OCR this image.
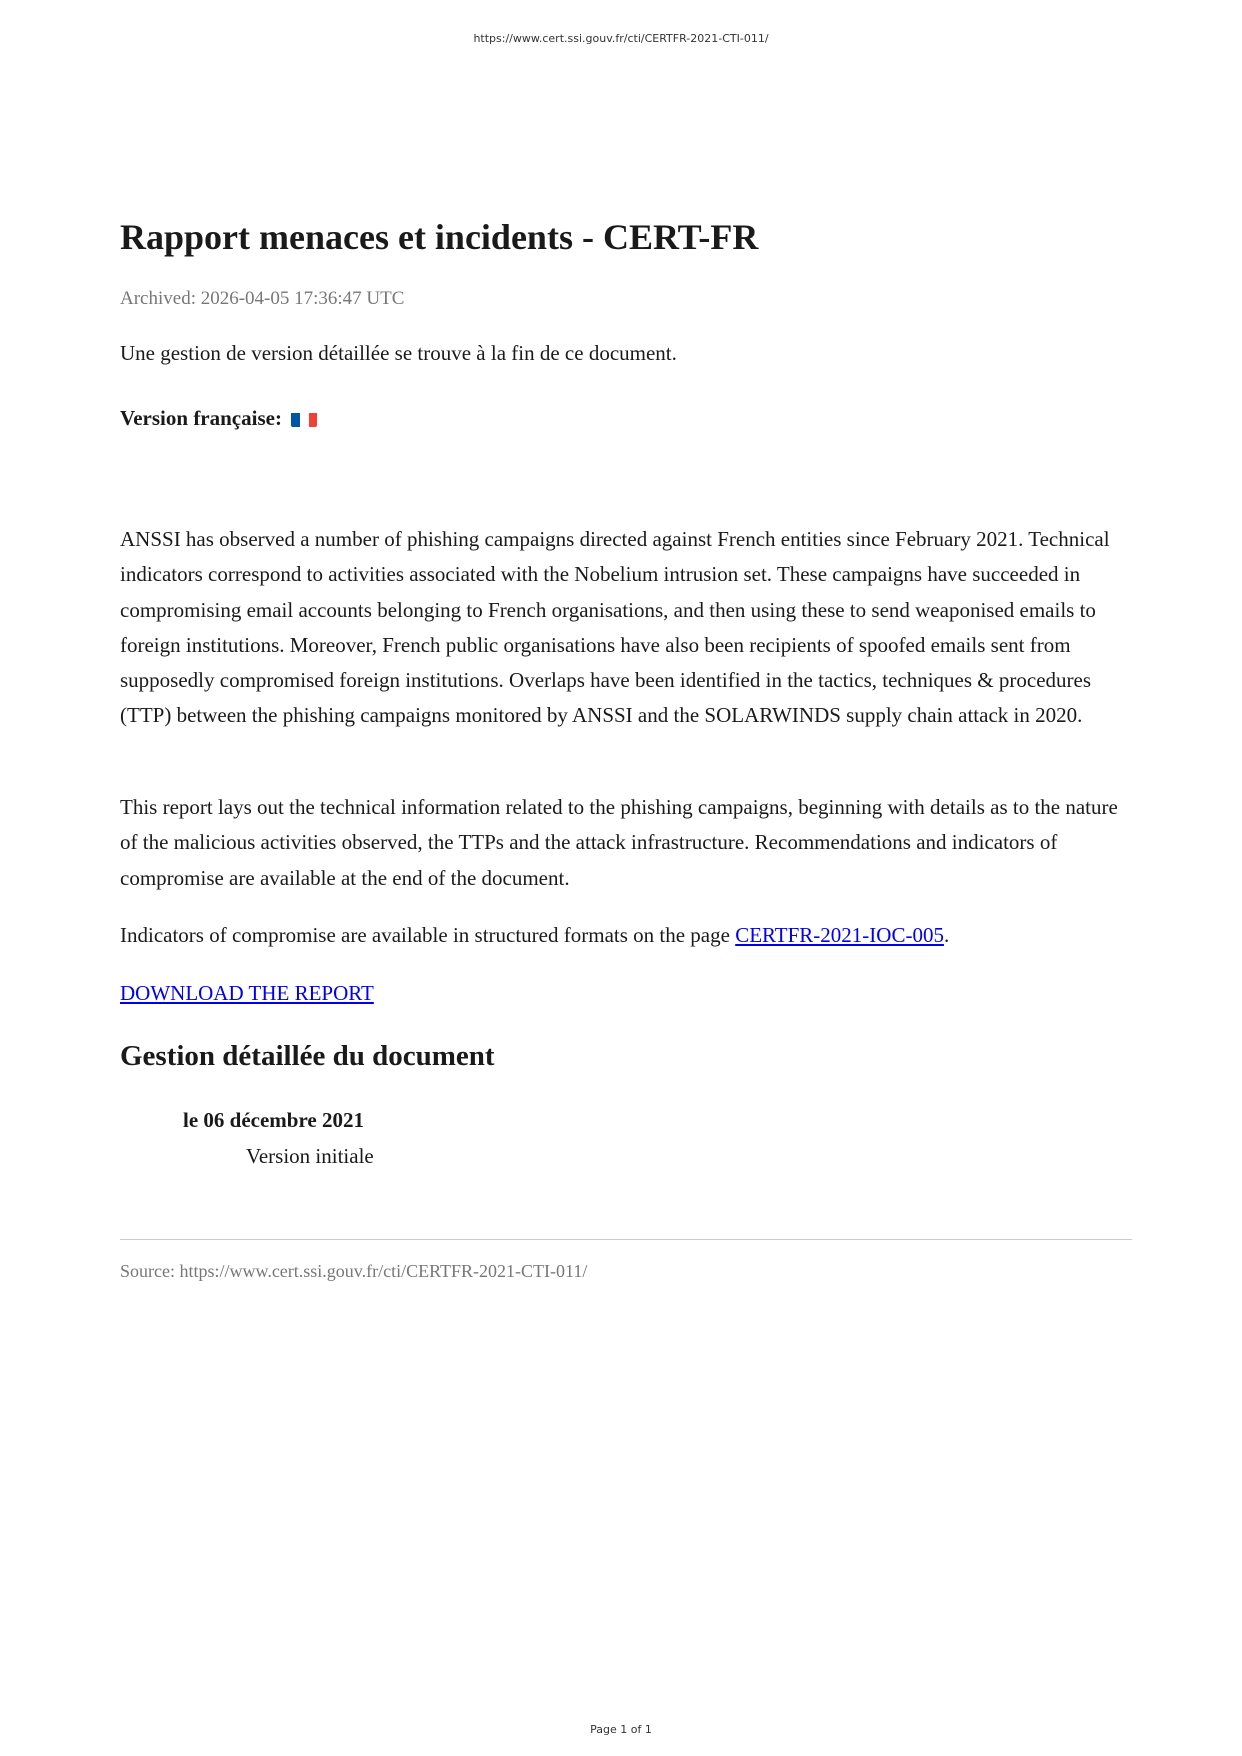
https://www.cert.ssi.gouv.fr/cti/CERTFR-2021-CTI-011/
Rapport menaces et incidents - CERT-FR
Archived: 2026-04-05 17:36:47 UTC
Une gestion de version détaillée se trouve à la fin de ce document.
Version française:
ANSSI has observed a number of phishing campaigns directed against French entities since February 2021. Technical indicators correspond to activities associated with the Nobelium intrusion set. These campaigns have succeeded in compromising email accounts belonging to French organisations, and then using these to send weaponised emails to foreign institutions. Moreover, French public organisations have also been recipients of spoofed emails sent from supposedly compromised foreign institutions. Overlaps have been identified in the tactics, techniques & procedures (TTP) between the phishing campaigns monitored by ANSSI and the SOLARWINDS supply chain attack in 2020.
This report lays out the technical information related to the phishing campaigns, beginning with details as to the nature of the malicious activities observed, the TTPs and the attack infrastructure. Recommendations and indicators of compromise are available at the end of the document.
Indicators of compromise are available in structured formats on the page CERTFR-2021-IOC-005.
DOWNLOAD THE REPORT
Gestion détaillée du document
le 06 décembre 2021
Version initiale
Source: https://www.cert.ssi.gouv.fr/cti/CERTFR-2021-CTI-011/
Page 1 of 1
